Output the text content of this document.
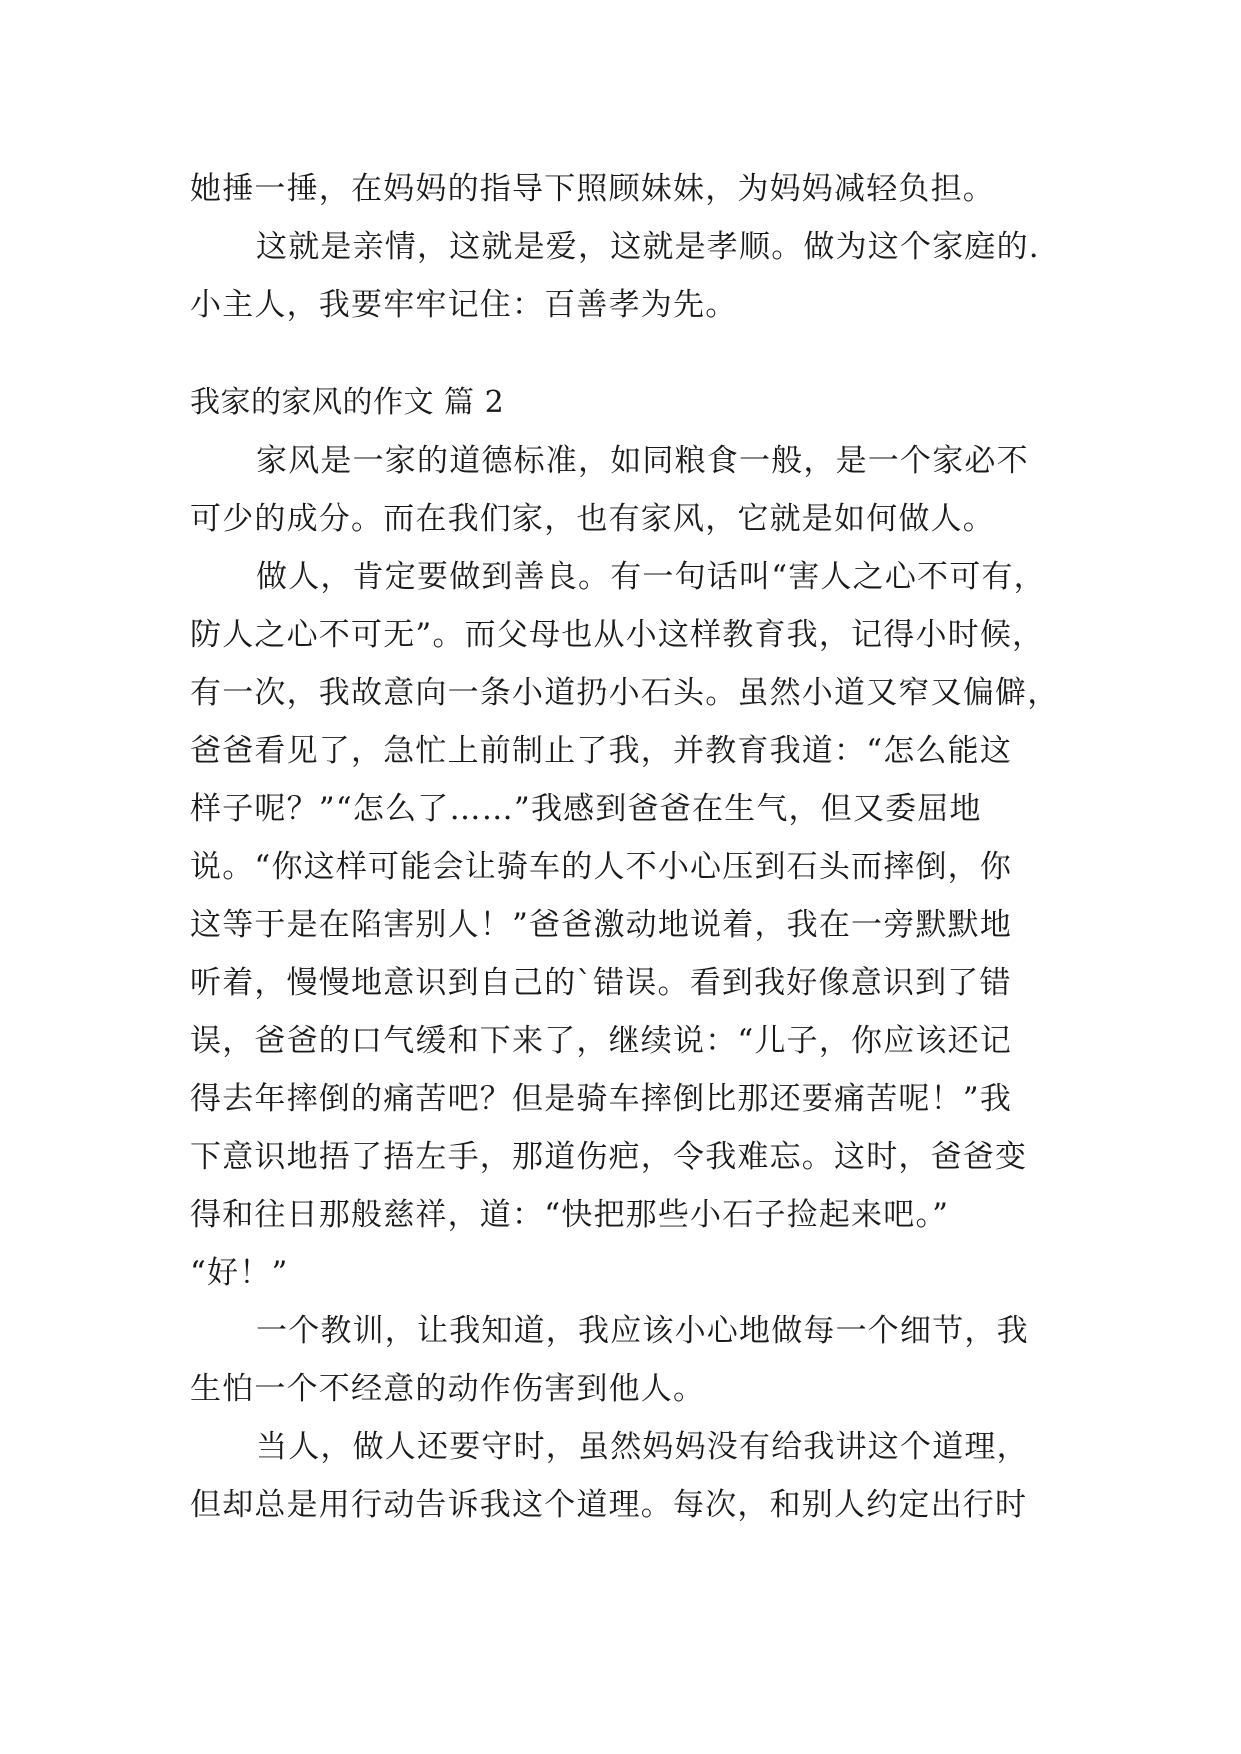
她捶一捶，在妈妈的指导下照顾妹妹，为妈妈减轻负担。
这就是亲情，这就是爱，这就是孝顺。做为这个家庭的.
小主人，我要牢牢记住：百善孝为先。
我家的家风的作文 篇 2
家风是一家的道德标准，如同粮食一般，是一个家必不
可少的成分。而在我们家，也有家风，它就是如何做人。
做人，肯定要做到善良。有一句话叫“害人之心不可有，
防人之心不可无”。而父母也从小这样教育我，记得小时候，
有一次，我故意向一条小道扔小石头。虽然小道又窄又偏僻，
爸爸看见了，急忙上前制止了我，并教育我道：“怎么能这
样子呢？”“怎么了……”我感到爸爸在生气，但又委屈地
说。“你这样可能会让骑车的人不小心压到石头而摔倒，你
这等于是在陷害别人！”爸爸激动地说着，我在一旁默默地
听着，慢慢地意识到自己的`错误。看到我好像意识到了错
误，爸爸的口气缓和下来了，继续说：“儿子，你应该还记
得去年摔倒的痛苦吧？但是骑车摔倒比那还要痛苦呢！”我
下意识地捂了捂左手，那道伤疤，令我难忘。这时，爸爸变
得和往日那般慈祥，道：“快把那些小石子捡起来吧。”
“好！”
一个教训，让我知道，我应该小心地做每一个细节，我
生怕一个不经意的动作伤害到他人。
当人，做人还要守时，虽然妈妈没有给我讲这个道理，
但却总是用行动告诉我这个道理。每次，和别人约定出行时
